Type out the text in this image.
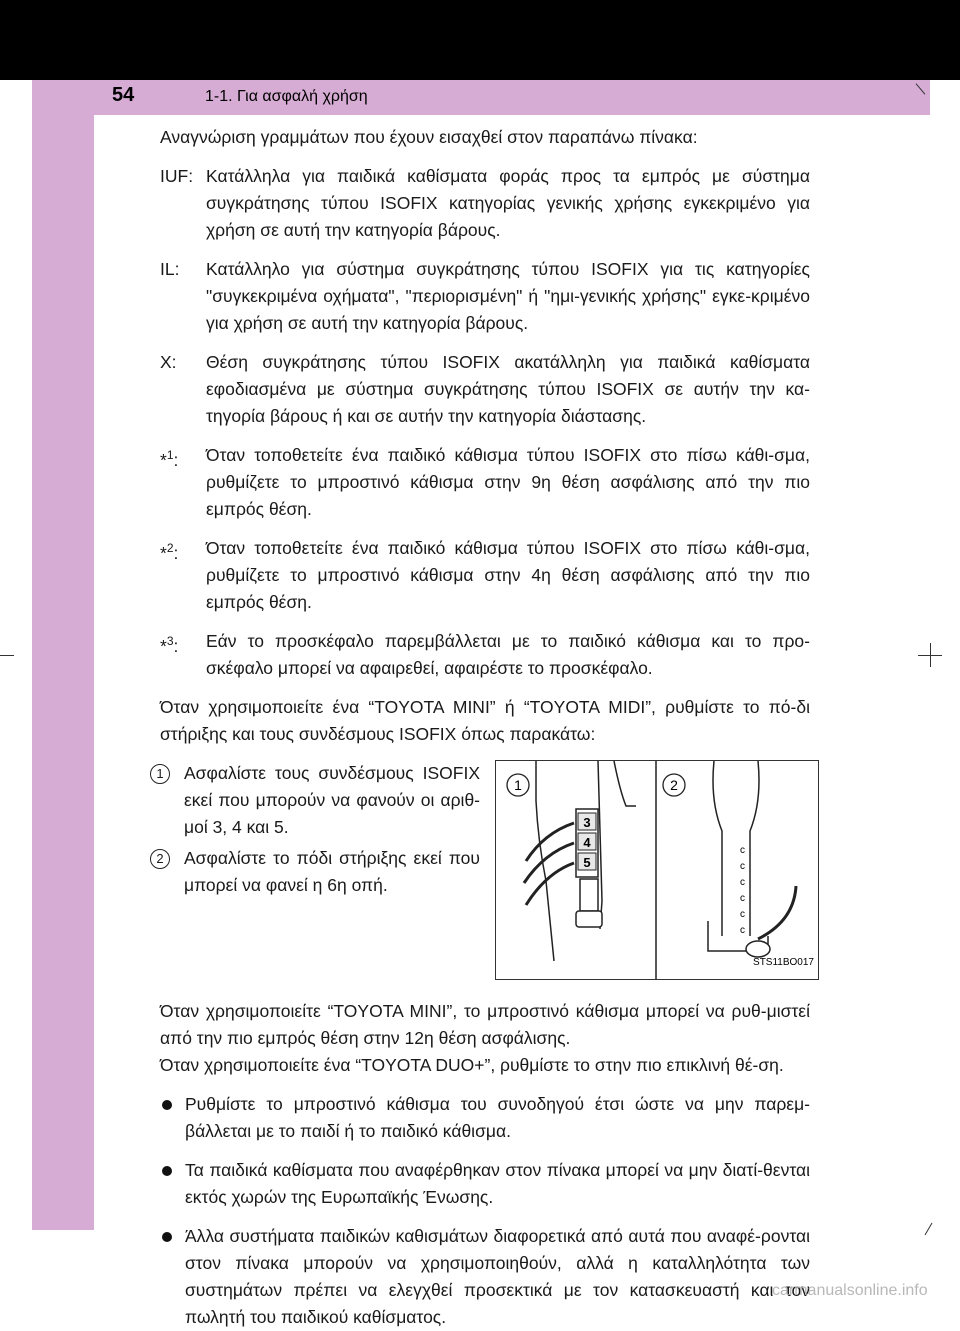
54	1-1. Για ασφαλή χρήση

Αναγνώριση γραμμάτων που έχουν εισαχθεί στον παραπάνω πίνακα:

IUF: Κατάλληλα για παιδικά καθίσματα φοράς προς τα εμπρός με σύστημα συγκράτησης τύπου ISOFIX κατηγορίας γενικής χρήσης εγκεκριμένο για χρήση σε αυτή την κατηγορία βάρους.
IL:	Κατάλληλο για σύστημα συγκράτησης τύπου ISOFIX για τις κατηγορίες "συγκεκριμένα οχήματα", "περιορισμένη" ή "ημι-γενικής χρήσης" εγκε-κριμένο για χρήση σε αυτή την κατηγορία βάρους.
X:	Θέση συγκράτησης τύπου ISOFIX ακατάλληλη για παιδικά καθίσματα εφοδιασμένα με σύστημα συγκράτησης τύπου ISOFIX σε αυτήν την κα-τηγορία βάρους ή και σε αυτήν την κατηγορία διάστασης.
*$^1$:	Όταν τοποθετείτε ένα παιδικό κάθισμα τύπου ISOFIX στο πίσω κάθι-σμα, ρυθμίζετε το μπροστινό κάθισμα στην 9η θέση ασφάλισης από την πιο εμπρός θέση.
*$^2$:	Όταν τοποθετείτε ένα παιδικό κάθισμα τύπου ISOFIX στο πίσω κάθι-σμα, ρυθμίζετε το μπροστινό κάθισμα στην 4η θέση ασφάλισης από την πιο εμπρός θέση.
*$^3$:	Εάν το προσκέφαλο παρεμβάλλεται με το παιδικό κάθισμα και το προ-σκέφαλο μπορεί να αφαιρεθεί, αφαιρέστε το προσκέφαλο.

Όταν χρησιμοποιείτε ένα “TOYOTA MINI” ή “TOYOTA MIDI”, ρυθμίστε το πό-δι στήριξης και τους συνδέσμους ISOFIX όπως παρακάτω:

1	Ασφαλίστε τους συνδέσμους ISOFIX εκεί που μπορούν να φανούν οι αριθ-μοί 3, 4 και 5.
2	Ασφαλίστε το πόδι στήριξης εκεί που μπορεί να φανεί η 6η οπή.
3
4
5
1	2
c
c
c
c
c
c
STS11BO017

Όταν χρησιμοποιείτε “TOYOTA MINI”, το μπροστινό κάθισμα μπορεί να ρυθ-μιστεί από την πιο εμπρός θέση στην 12η θέση ασφάλισης.

Όταν χρησιμοποιείτε ένα “TOYOTA DUO+”, ρυθμίστε το στην πιο επικλινή θέ-ση.

Ρυθμίστε το μπροστινό κάθισμα του συνοδηγού έτσι ώστε να μην παρεμ-βάλλεται με το παιδί ή το παιδικό κάθισμα.
Τα παιδικά καθίσματα που αναφέρθηκαν στον πίνακα μπορεί να μην διατί-θενται εκτός χωρών της Ευρωπαϊκής Ένωσης.
Άλλα συστήματα παιδικών καθισμάτων διαφορετικά από αυτά που αναφέ-ρονται στον πίνακα μπορούν να χρησιμοποιηθούν, αλλά η καταλληλότητα των συστημάτων πρέπει να ελεγχθεί προσεκτικά με τον κατασκευαστή και τον πωλητή του παιδικού καθίσματος.
carmanualsonline.info
